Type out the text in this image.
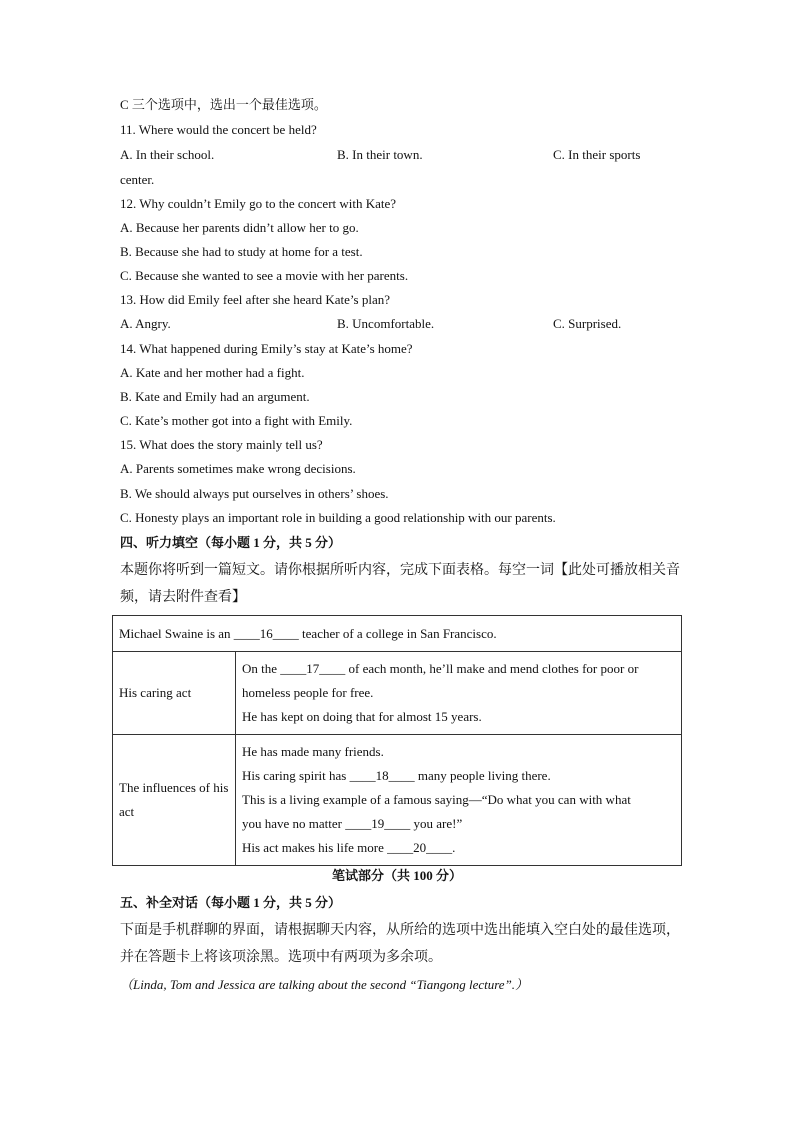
C 三个选项中，选出一个最佳选项。
11. Where would the concert be held?
A. In their school.	B. In their town.	C. In their sports
center.
12. Why couldn’t Emily go to the concert with Kate?
A. Because her parents didn’t allow her to go.
B. Because she had to study at home for a test.
C. Because she wanted to see a movie with her parents.
13. How did Emily feel after she heard Kate’s plan?
A. Angry.	B. Uncomfortable.	C. Surprised.
14. What happened during Emily’s stay at Kate’s home?
A. Kate and her mother had a fight.
B. Kate and Emily had an argument.
C. Kate’s mother got into a fight with Emily.
15. What does the story mainly tell us?
A. Parents sometimes make wrong decisions.
B. We should always put ourselves in others’ shoes.
C. Honesty plays an important role in building a good relationship with our parents.
四、听力填空（每小题 1 分，共 5 分）
本题你将听到一篇短文。请你根据所听内容，完成下面表格。每空一词【此处可播放相关音
频，请去附件查看】
Michael Swaine is an ____16____ teacher of a college in San Francisco.	
His caring act	On the ____17____ of each month, he’ll make and mend clothes for poor or
homeless people for free.
He has kept on doing that for almost 15 years.

The influences of his act	He has made many friends.
His caring spirit has ____18____ many people living there.
This is a living example of a famous saying—“Do what you can with what
you have no matter ____19____ you are!”
His act makes his life more ____20____.
笔试部分（共 100 分）
五、补全对话（每小题 1 分，共 5 分）
下面是手机群聊的界面，请根据聊天内容，从所给的选项中选出能填入空白处的最佳选项，
并在答题卡上将该项涂黑。选项中有两项为多余项。
（Linda, Tom and Jessica are talking about the second “Tiangong lecture”.）
